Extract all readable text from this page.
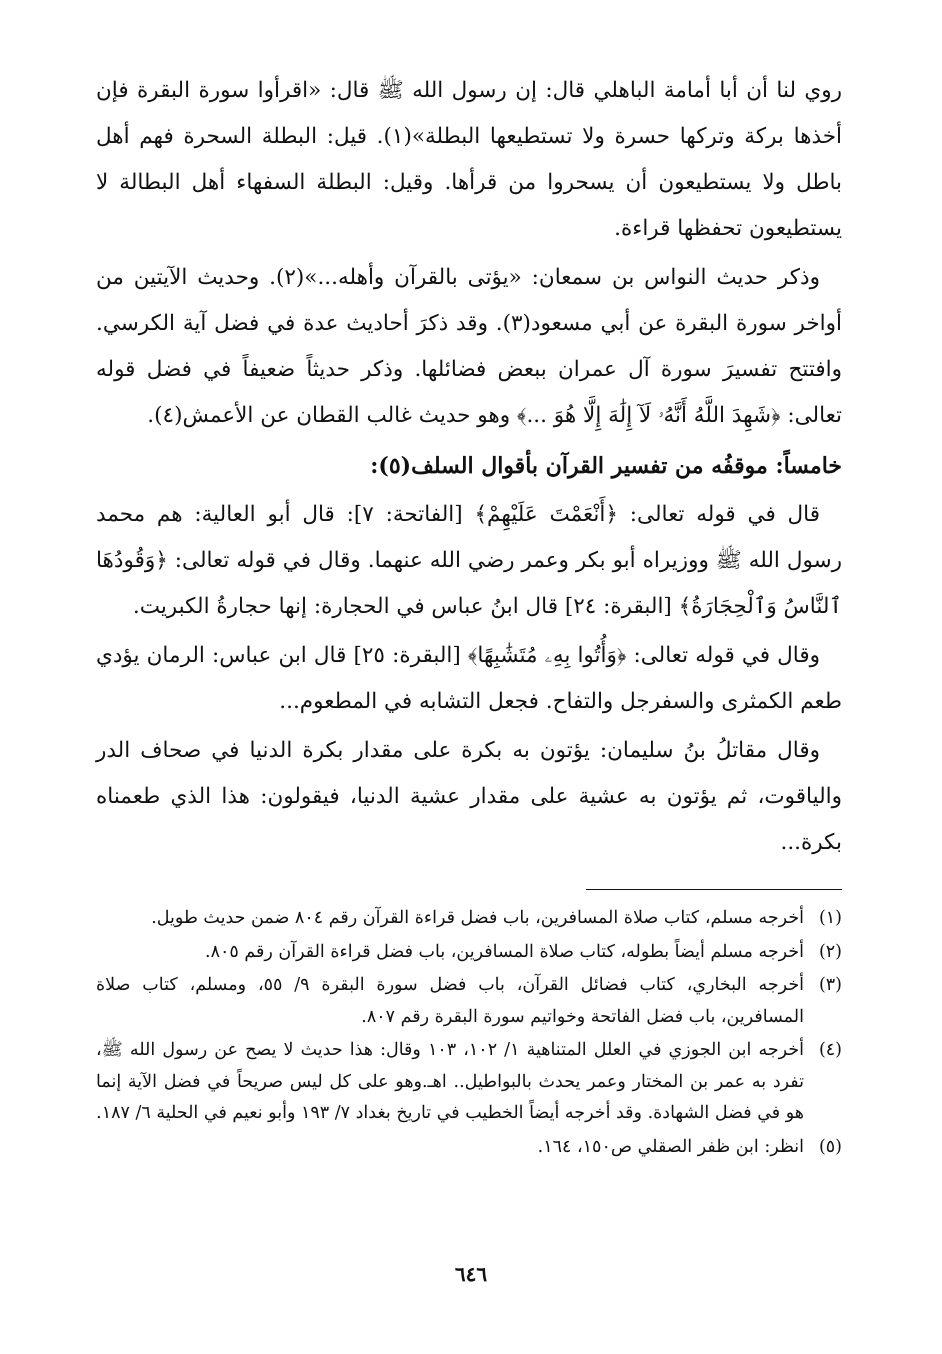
روي لنا أن أبا أمامة الباهلي قال: إن رسول الله ﷺ قال: «اقرأوا سورة البقرة فإن أخذها بركة وتركها حسرة ولا تستطيعها البطلة»(١). قيل: البطلة السحرة فهم أهل باطل ولا يستطيعون أن يسحروا من قرأها. وقيل: البطلة السفهاء أهل البطالة لا يستطيعون تحفظها قراءة.

وذكر حديث النواس بن سمعان: «يؤتى بالقرآن وأهله...»(٢). وحديث الآيتين من أواخر سورة البقرة عن أبي مسعود(٣). وقد ذكرَ أحاديث عدة في فضل آية الكرسي. وافتتح تفسيرَ سورة آل عمران ببعض فضائلها. وذكر حديثاً ضعيفاً في فضل قوله تعالى: ﴿شَهِدَ اللَّهُ أَنَّهُۥ لَآ إِلَٰهَ إِلَّا هُوَ ...﴾ وهو حديث غالب القطان عن الأعمش(٤).

خامساً: موقفُه من تفسير القرآن بأقوال السلف(٥):

قال في قوله تعالى: ﴿أَنْعَمْتَ عَلَيْهِمْ﴾ [الفاتحة: ٧]: قال أبو العالية: هم محمد رسول الله ﷺ ووزيراه أبو بكر وعمر رضي الله عنهما. وقال في قوله تعالى: ﴿وَقُودُهَا ٱلنَّاسُ وَٱلْحِجَارَةُ﴾ [البقرة: ٢٤] قال ابنُ عباس في الحجارة: إنها حجارةُ الكبريت.

وقال في قوله تعالى: ﴿وَأُتُوا بِهِۦ مُتَشَٰبِهًا﴾ [البقرة: ٢٥] قال ابن عباس: الرمان يؤدي طعم الكمثرى والسفرجل والتفاح. فجعل التشابه في المطعوم...

وقال مقاتلُ بنُ سليمان: يؤتون به بكرة على مقدار بكرة الدنيا في صحاف الدر والياقوت، ثم يؤتون به عشية على مقدار عشية الدنيا، فيقولون: هذا الذي طعمناه بكرة...

(١)
أخرجه مسلم، كتاب صلاة المسافرين، باب فضل قراءة القرآن رقم ٨٠٤ ضمن حديث طويل.
(٢)
أخرجه مسلم أيضاً بطوله، كتاب صلاة المسافرين، باب فضل قراءة القرآن رقم ٨٠٥.
(٣)
أخرجه البخاري، كتاب فضائل القرآن، باب فضل سورة البقرة ٩/ ٥٥، ومسلم، كتاب صلاة المسافرين، باب فضل الفاتحة وخواتيم سورة البقرة رقم ٨٠٧.
(٤)
أخرجه ابن الجوزي في العلل المتناهية ١/ ١٠٢، ١٠٣ وقال: هذا حديث لا يصح عن رسول الله ﷺ، تفرد به عمر بن المختار وعمر يحدث بالبواطيل.. اهـ.وهو على كل ليس صريحاً في فضل الآية إنما هو في فضل الشهادة. وقد أخرجه أيضاً الخطيب في تاريخ بغداد ٧/ ١٩٣ وأبو نعيم في الحلية ٦/ ١٨٧.
(٥)
انظر: ابن ظفر الصقلي ص١٥٠، ١٦٤.
٦٤٦
